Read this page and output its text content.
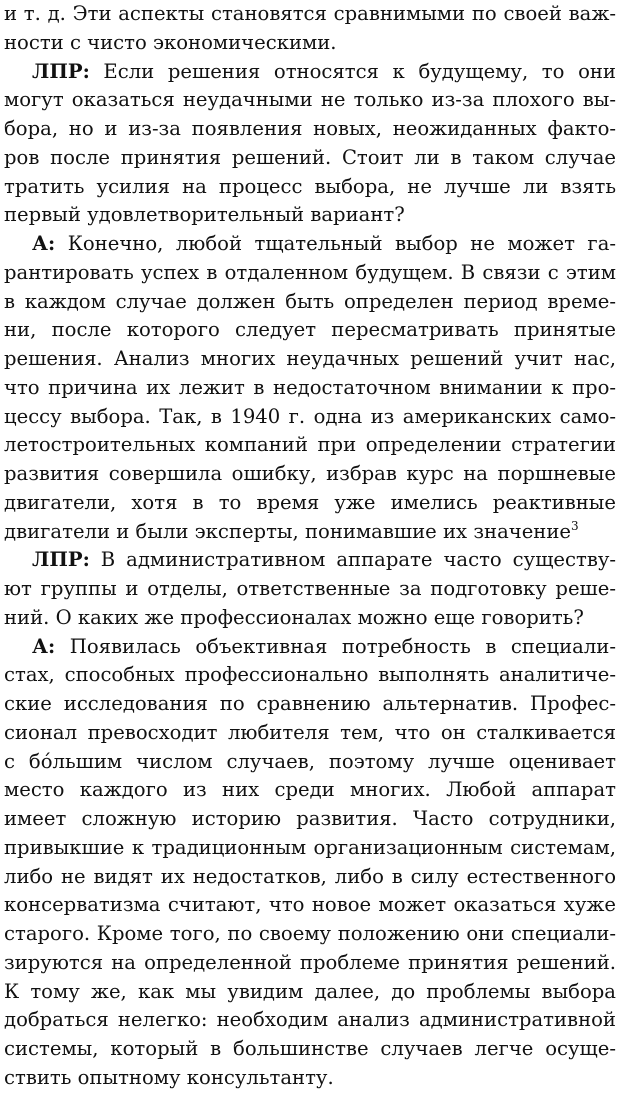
и т. д. Эти аспекты становятся сравнимыми по своей важ-
ности с чисто экономическими.
ЛПР: Если решения относятся к будущему, то они
могут оказаться неудачными не только из-за плохого вы-
бора, но и из-за появления новых, неожиданных факто-
ров после принятия решений. Стоит ли в таком случае
тратить усилия на процесс выбора, не лучше ли взять
первый удовлетворительный вариант?
А: Конечно, любой тщательный выбор не может га-
рантировать успех в отдаленном будущем. В связи с этим
в каждом случае должен быть определен период време-
ни, после которого следует пересматривать принятые
решения. Анализ многих неудачных решений учит нас,
что причина их лежит в недостаточном внимании к про-
цессу выбора. Так, в 1940 г. одна из американских само-
летостроительных компаний при определении стратегии
развития совершила ошибку, избрав курс на поршневые
двигатели, хотя в то время уже имелись реактивные
двигатели и были эксперты, понимавшие их значение$^3$
ЛПР: В административном аппарате часто существу-
ют группы и отделы, ответственные за подготовку реше-
ний. О каких же профессионалах можно еще говорить?
А: Появилась объективная потребность в специали-
стах, способных профессионально выполнять аналитиче-
ские исследования по сравнению альтернатив. Профес-
сионал превосходит любителя тем, что он сталкивается
с бо́льшим числом случаев, поэтому лучше оценивает
место каждого из них среди многих. Любой аппарат
имеет сложную историю развития. Часто сотрудники,
привыкшие к традиционным организационным системам,
либо не видят их недостатков, либо в силу естественного
консерватизма считают, что новое может оказаться хуже
старого. Кроме того, по своему положению они специали-
зируются на определенной проблеме принятия решений.
К тому же, как мы увидим далее, до проблемы выбора
добраться нелегко: необходим анализ административной
системы, который в большинстве случаев легче осуще-
ствить опытному консультанту.
